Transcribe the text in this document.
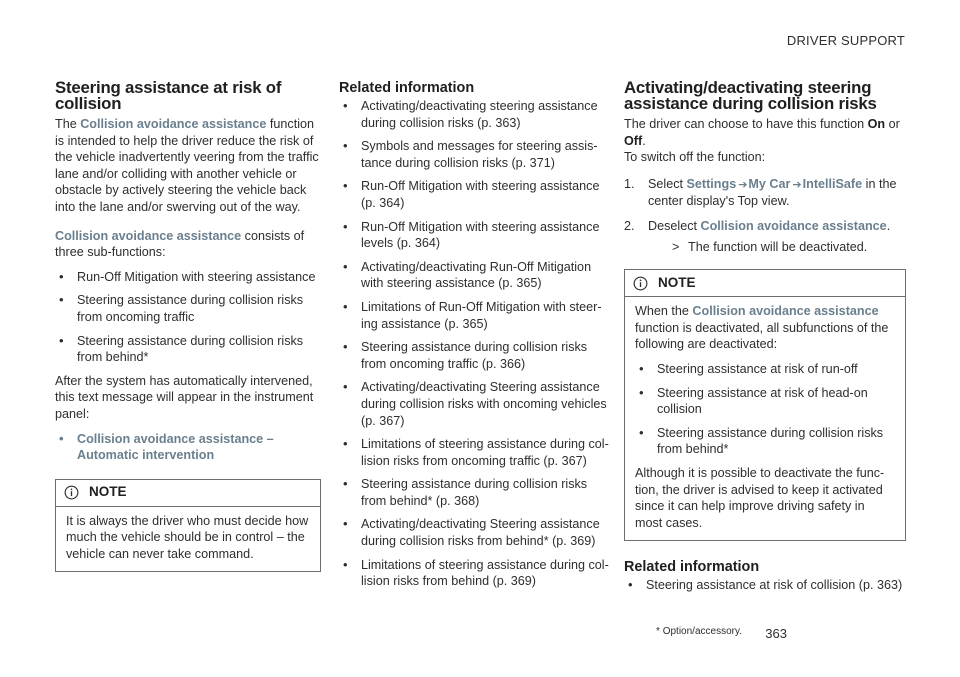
DRIVER SUPPORT
Steering assistance at risk of collision

The Collision avoidance assistance function is intended to help the driver reduce the risk of the vehicle inadvertently veering from the traffic lane and/or colliding with another vehicle or obstacle by actively steering the vehicle back into the lane and/or swerving out of the way.

Collision avoidance assistance consists of three sub-functions:

• Run-Off Mitigation with steering assistance
• Steering assistance during collision risks from oncoming traffic
• Steering assistance during collision risks from behind*

After the system has automatically intervened, this text message will appear in the instrument panel:

• Collision avoidance assistance – Automatic intervention
NOTE
It is always the driver who must decide how much the vehicle should be in control – the vehicle can never take command.
Related information
• Activating/deactivating steering assistance during collision risks (p. 363)
• Symbols and messages for steering assis-tance during collision risks (p. 371)
• Run-Off Mitigation with steering assistance (p. 364)
• Run-Off Mitigation with steering assistance levels (p. 364)
• Activating/deactivating Run-Off Mitigation with steering assistance (p. 365)
• Limitations of Run-Off Mitigation with steer-ing assistance (p. 365)
• Steering assistance during collision risks from oncoming traffic (p. 366)
• Activating/deactivating Steering assistance during collision risks with oncoming vehicles (p. 367)
• Limitations of steering assistance during col-lision risks from oncoming traffic (p. 367)
• Steering assistance during collision risks from behind* (p. 368)
• Activating/deactivating Steering assistance during collision risks from behind* (p. 369)
• Limitations of steering assistance during col-lision risks from behind (p. 369)
Activating/deactivating steering assistance during collision risks

The driver can choose to have this function On or Off.

To switch off the function:

1. Select Settings ➔My Car ➔IntelliSafe in the center display's Top view.
2. Deselect Collision avoidance assistance.
> The function will be deactivated.
NOTE

When the Collision avoidance assistance function is deactivated, all subfunctions of the following are deactivated:

• Steering assistance at risk of run-off
• Steering assistance at risk of head-on collision
• Steering assistance during collision risks from behind*

Although it is possible to deactivate the func-tion, the driver is advised to keep it activated since it can help improve driving safety in most cases.

Related information
• Steering assistance at risk of collision (p. 363)
* Option/accessory. 363
